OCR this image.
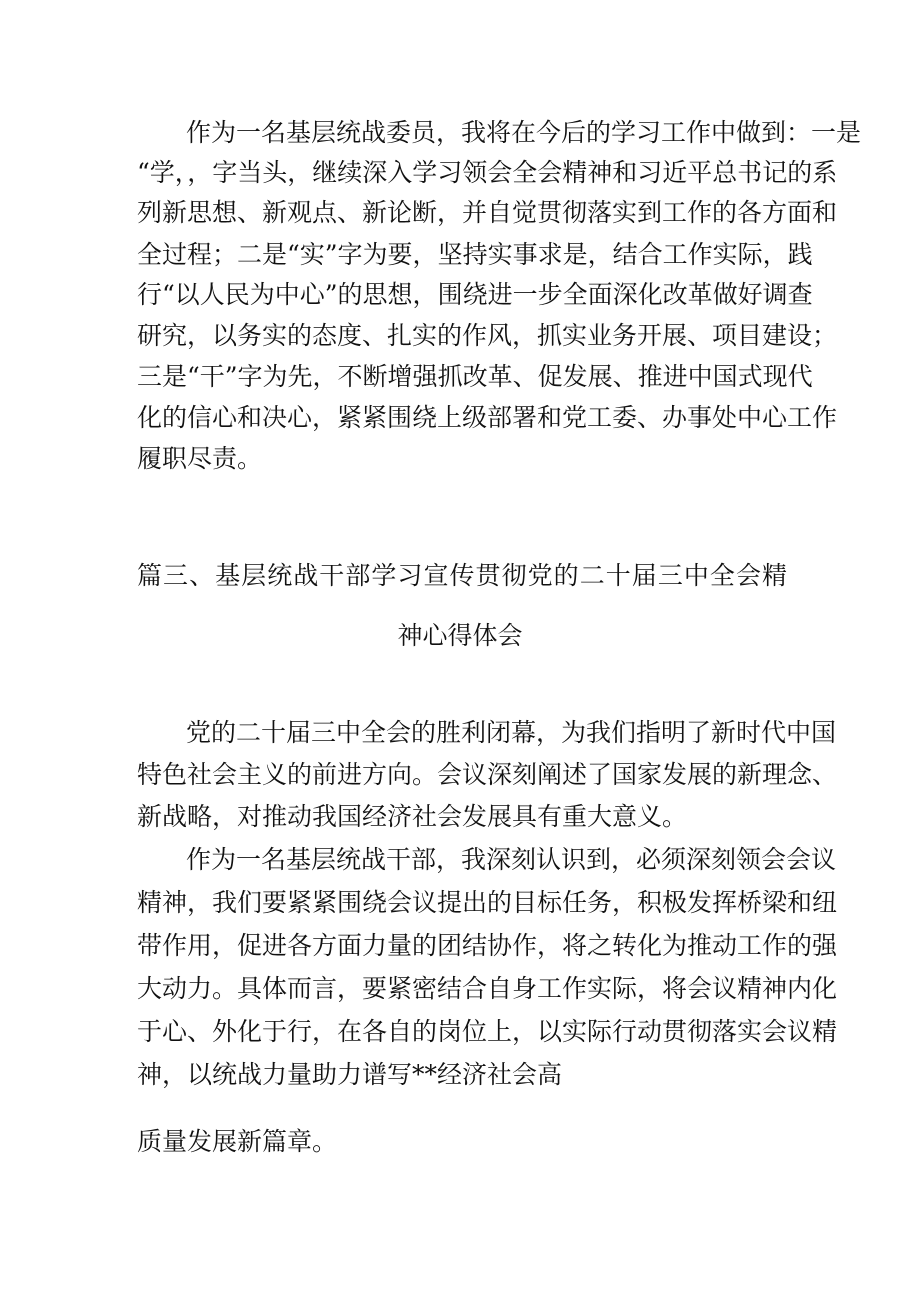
作为一名基层统战委员，我将在今后的学习工作中做到：一是

“学，，字当头，继续深入学习领会全会精神和习近平总书记的系

列新思想、新观点、新论断，并自觉贯彻落实到工作的各方面和

全过程；二是“实”字为要，坚持实事求是，结合工作实际，践

行“以人民为中心”的思想，围绕进一步全面深化改革做好调查

研究，以务实的态度、扎实的作风，抓实业务开展、项目建设；

三是“干”字为先，不断增强抓改革、促发展、推进中国式现代

化的信心和决心，紧紧围绕上级部署和党工委、办事处中心工作

履职尽责。

篇三、基层统战干部学习宣传贯彻党的二十届三中全会精
神心得体会

党的二十届三中全会的胜利闭幕，为我们指明了新时代中国

特色社会主义的前进方向。会议深刻阐述了国家发展的新理念、

新战略，对推动我国经济社会发展具有重大意义。

作为一名基层统战干部，我深刻认识到，必须深刻领会会议

精神，我们要紧紧围绕会议提出的目标任务，积极发挥桥梁和纽

带作用，促进各方面力量的团结协作，将之转化为推动工作的强

大动力。具体而言，要紧密结合自身工作实际，将会议精神内化

于心、外化于行，在各自的岗位上，以实际行动贯彻落实会议精

神，以统战力量助力谱写**经济社会高

质量发展新篇章。
